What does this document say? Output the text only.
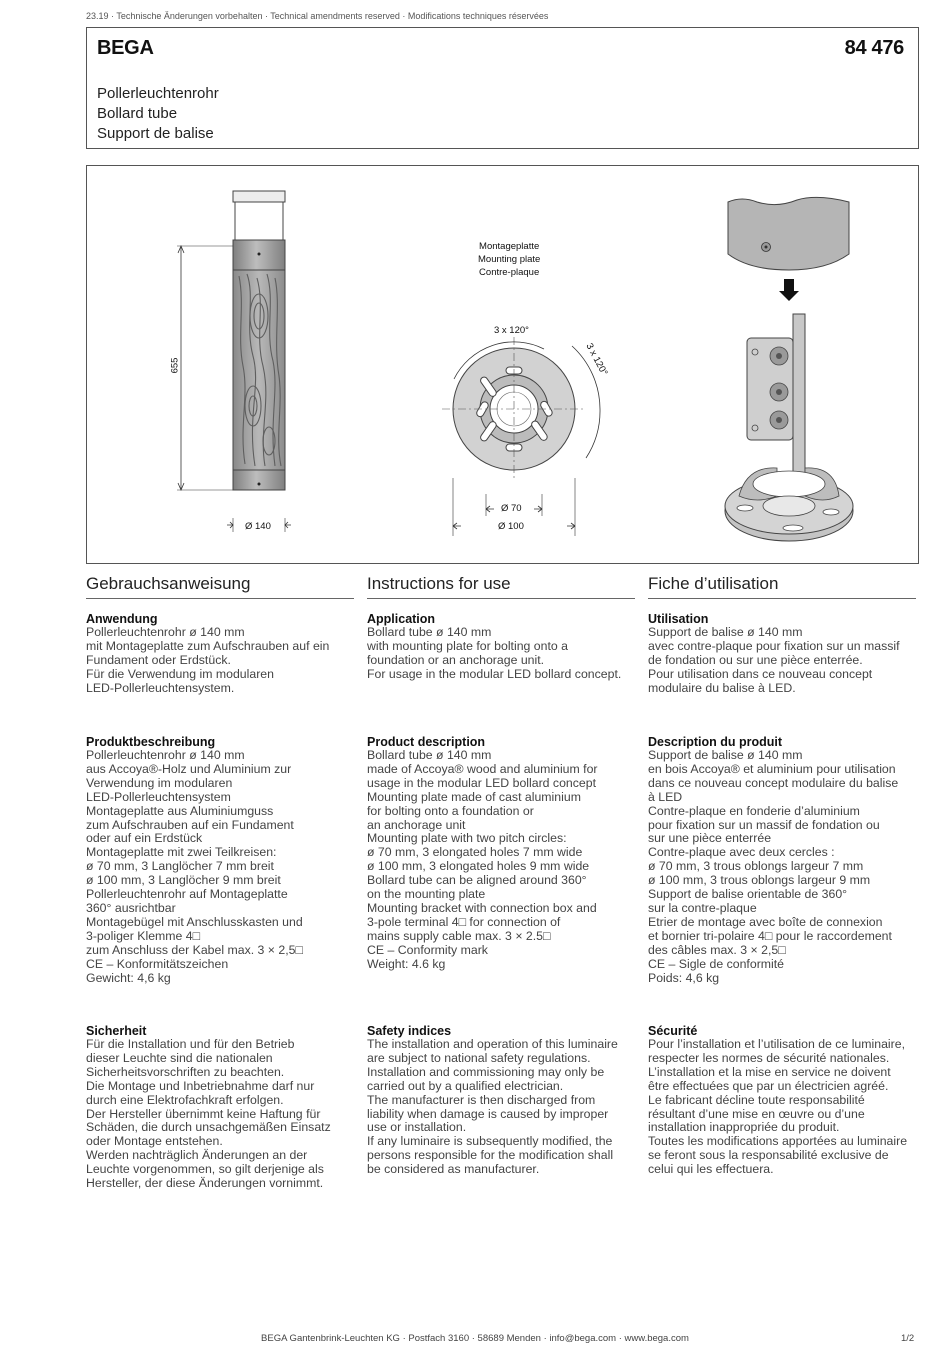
23.19 · Technische Änderungen vorbehalten · Technical amendments reserved · Modifications techniques réservées
BEGA	84 476
Pollerleuchtenrohr
Bollard tube
Support de balise
Montageplatte
Mounting plate
Contre-plaque
655
Ø 140
3 x 120°
3 x 120°
Ø 70
Ø 100
Gebrauchsanweisung
Anwendung

Pollerleuchtenrohr ø 140 mm

mit Montageplatte zum Aufschrauben auf ein

Fundament oder Erdstück.

Für die Verwendung im modularen

LED-Pollerleuchtensystem.

Produktbeschreibung

Pollerleuchtenrohr ø 140 mm

aus Accoya®-Holz und Aluminium zur

Verwendung im modularen

LED-Pollerleuchtensystem

Montageplatte aus Aluminiumguss

zum Aufschrauben auf ein Fundament

oder auf ein Erdstück

Montageplatte mit zwei Teilkreisen:

ø 70 mm, 3 Langlöcher 7 mm breit

ø 100 mm, 3 Langlöcher 9 mm breit

Pollerleuchtenrohr auf Montageplatte

360° ausrichtbar

Montagebügel mit Anschlusskasten und

3-poliger Klemme 4□

zum Anschluss der Kabel max. 3 × 2,5□

CE – Konformitätszeichen

Gewicht: 4,6 kg

Sicherheit

Für die Installation und für den Betrieb

dieser Leuchte sind die nationalen

Sicherheitsvorschriften zu beachten.

Die Montage und Inbetriebnahme darf nur

durch eine Elektrofachkraft erfolgen.

Der Hersteller übernimmt keine Haftung für

Schäden, die durch unsachgemäßen Einsatz

oder Montage entstehen.

Werden nachträglich Änderungen an der

Leuchte vorgenommen, so gilt derjenige als

Hersteller, der diese Änderungen vornimmt.

Instructions for use
Application

Bollard tube ø 140 mm

with mounting plate for bolting onto a

foundation or an anchorage unit.

For usage in the modular LED bollard concept.

Product description

Bollard tube ø 140 mm

made of Accoya® wood and aluminium for

usage in the modular LED bollard concept

Mounting plate made of cast aluminium

for bolting onto a foundation or

an anchorage unit

Mounting plate with two pitch circles:

ø 70 mm, 3 elongated holes 7 mm wide

ø 100 mm, 3 elongated holes 9 mm wide

Bollard tube can be aligned around 360°

on the mounting plate

Mounting bracket with connection box and

3-pole terminal 4□ for connection of

mains supply cable max. 3 × 2.5□

CE – Conformity mark

Weight: 4.6 kg

Safety indices

The installation and operation of this luminaire

are subject to national safety regulations.

Installation and commissioning may only be

carried out by a qualified electrician.

The manufacturer is then discharged from

liability when damage is caused by improper

use or installation.

If any luminaire is subsequently modified, the

persons responsible for the modification shall

be considered as manufacturer.

Fiche d’utilisation
Utilisation

Support de balise ø 140 mm

avec contre-plaque pour fixation sur un massif

de fondation ou sur une pièce enterrée.

Pour utilisation dans ce nouveau concept

modulaire du balise à LED.

Description du produit

Support de balise ø 140 mm

en bois Accoya® et aluminium pour utilisation

dans ce nouveau concept modulaire du balise

à LED

Contre-plaque en fonderie d’aluminium

pour fixation sur un massif de fondation ou

sur une pièce enterrée

Contre-plaque avec deux cercles :

ø 70 mm, 3 trous oblongs largeur 7 mm

ø 100 mm, 3 trous oblongs largeur 9 mm

Support de balise orientable de 360°

sur la contre-plaque

Etrier de montage avec boîte de connexion

et bornier tri-polaire 4□ pour le raccordement

des câbles max. 3 × 2,5□

CE – Sigle de conformité

Poids: 4,6 kg

Sécurité

Pour l’installation et l’utilisation de ce luminaire,

respecter les normes de sécurité nationales.

L’installation et la mise en service ne doivent

être effectuées que par un électricien agréé.

Le fabricant décline toute responsabilité

résultant d’une mise en œuvre ou d’une

installation inappropriée du produit.

Toutes les modifications apportées au luminaire

se feront sous la responsabilité exclusive de

celui qui les effectuera.

BEGA Gantenbrink-Leuchten KG · Postfach 3160 · 58689 Menden · info@bega.com · www.bega.com	1/2
